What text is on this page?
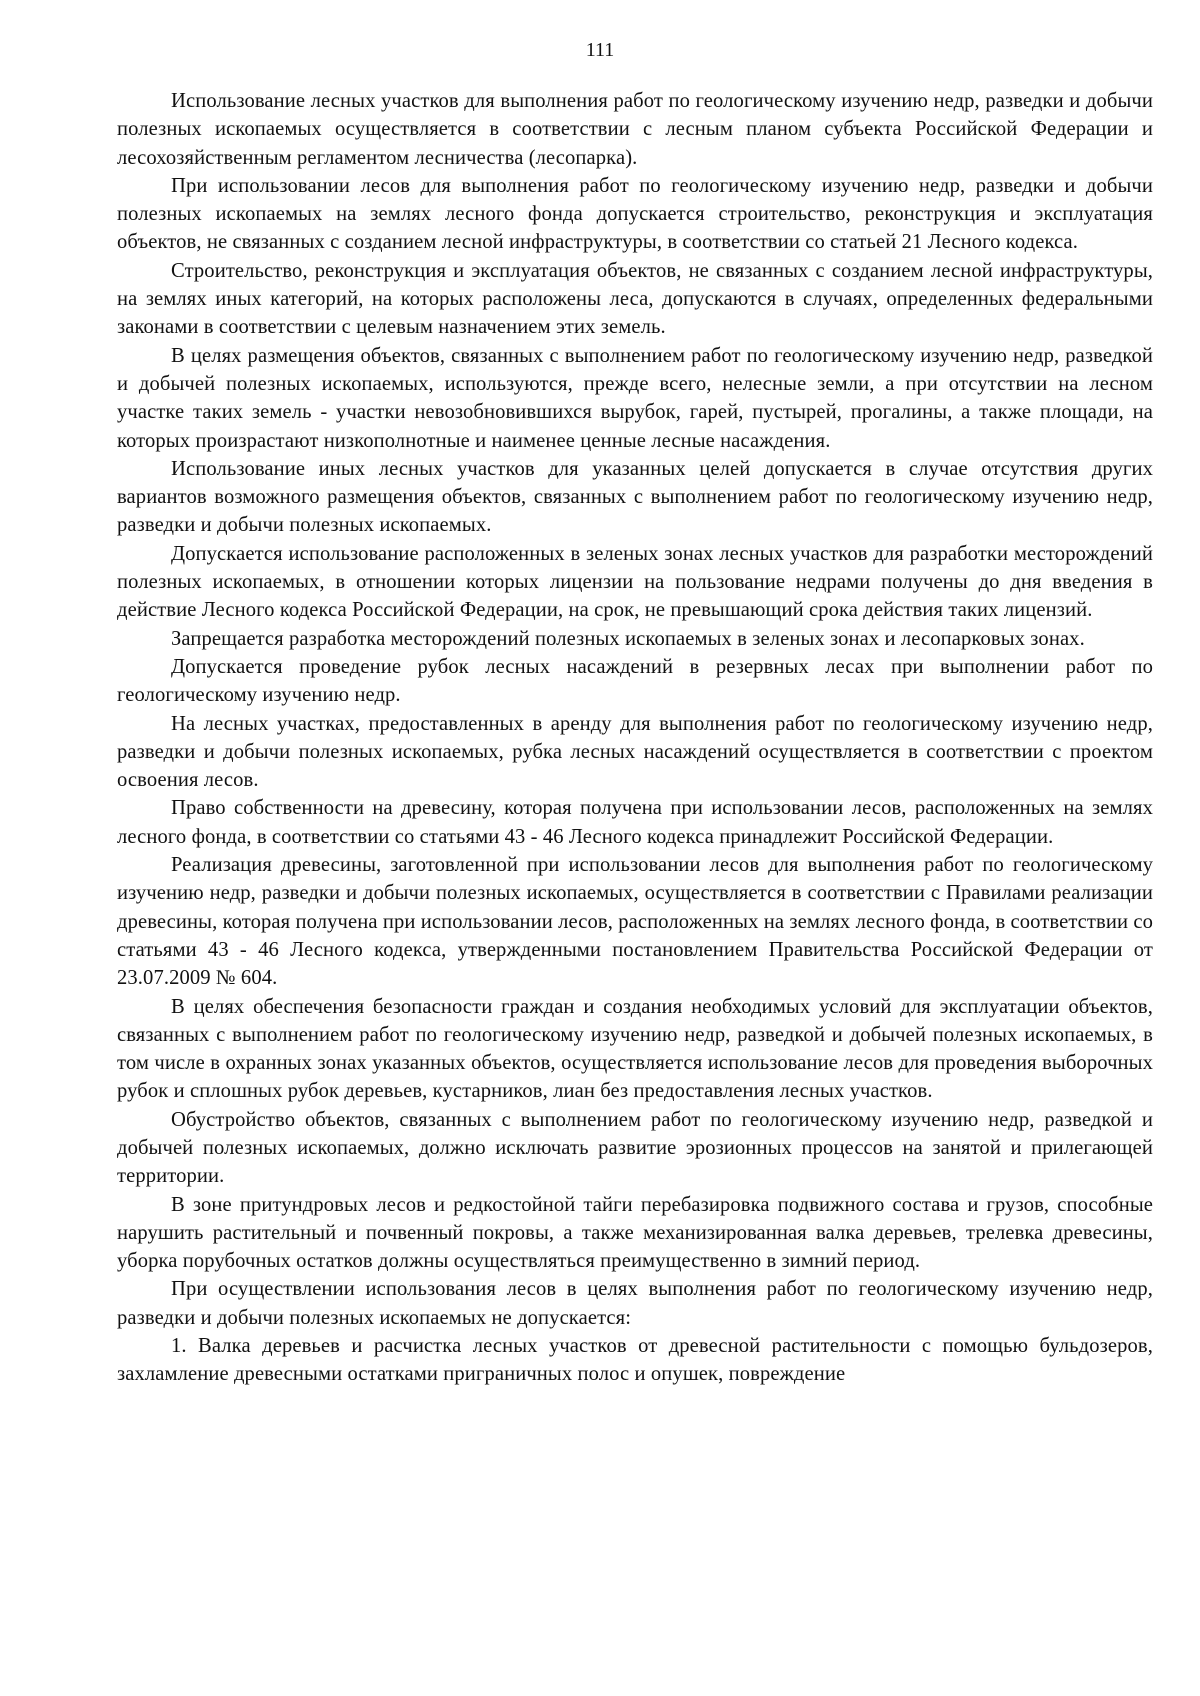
111

Использование лесных участков для выполнения работ по геологическому изучению недр, разведки и добычи полезных ископаемых осуществляется в соответствии с лесным планом субъекта Российской Федерации и лесохозяйственным регламентом лесничества (лесопарка).

При использовании лесов для выполнения работ по геологическому изучению недр, разведки и добычи полезных ископаемых на землях лесного фонда допускается строительство, реконструкция и эксплуатация объектов, не связанных с созданием лесной инфраструктуры, в соответствии со статьей 21 Лесного кодекса.

Строительство, реконструкция и эксплуатация объектов, не связанных с созданием лесной инфраструктуры, на землях иных категорий, на которых расположены леса, допускаются в случаях, определенных федеральными законами в соответствии с целевым назначением этих земель.

В целях размещения объектов, связанных с выполнением работ по геологическому изучению недр, разведкой и добычей полезных ископаемых, используются, прежде всего, нелесные земли, а при отсутствии на лесном участке таких земель - участки невозобновившихся вырубок, гарей, пустырей, прогалины, а также площади, на которых произрастают низкополнотные и наименее ценные лесные насаждения.

Использование иных лесных участков для указанных целей допускается в случае отсутствия других вариантов возможного размещения объектов, связанных с выполнением работ по геологическому изучению недр, разведки и добычи полезных ископаемых.

Допускается использование расположенных в зеленых зонах лесных участков для разработки месторождений полезных ископаемых, в отношении которых лицензии на пользование недрами получены до дня введения в действие Лесного кодекса Российской Федерации, на срок, не превышающий срока действия таких лицензий.

Запрещается разработка месторождений полезных ископаемых в зеленых зонах и лесопарковых зонах.

Допускается проведение рубок лесных насаждений в резервных лесах при выполнении работ по геологическому изучению недр.

На лесных участках, предоставленных в аренду для выполнения работ по геологическому изучению недр, разведки и добычи полезных ископаемых, рубка лесных насаждений осуществляется в соответствии с проектом освоения лесов.

Право собственности на древесину, которая получена при использовании лесов, расположенных на землях лесного фонда, в соответствии со статьями 43 - 46 Лесного кодекса принадлежит Российской Федерации.

Реализация древесины, заготовленной при использовании лесов для выполнения работ по геологическому изучению недр, разведки и добычи полезных ископаемых, осуществляется в соответствии с Правилами реализации древесины, которая получена при использовании лесов, расположенных на землях лесного фонда, в соответствии со статьями 43 - 46 Лесного кодекса, утвержденными постановлением Правительства Российской Федерации от 23.07.2009 № 604.

В целях обеспечения безопасности граждан и создания необходимых условий для эксплуатации объектов, связанных с выполнением работ по геологическому изучению недр, разведкой и добычей полезных ископаемых, в том числе в охранных зонах указанных объектов, осуществляется использование лесов для проведения выборочных рубок и сплошных рубок деревьев, кустарников, лиан без предоставления лесных участков.

Обустройство объектов, связанных с выполнением работ по геологическому изучению недр, разведкой и добычей полезных ископаемых, должно исключать развитие эрозионных процессов на занятой и прилегающей территории.

В зоне притундровых лесов и редкостойной тайги перебазировка подвижного состава и грузов, способные нарушить растительный и почвенный покровы, а также механизированная валка деревьев, трелевка древесины, уборка порубочных остатков должны осуществляться преимущественно в зимний период.

При осуществлении использования лесов в целях выполнения работ по геологическому изучению недр, разведки и добычи полезных ископаемых не допускается:

1. Валка деревьев и расчистка лесных участков от древесной растительности с помощью бульдозеров, захламление древесными остатками приграничных полос и опушек, повреждение
